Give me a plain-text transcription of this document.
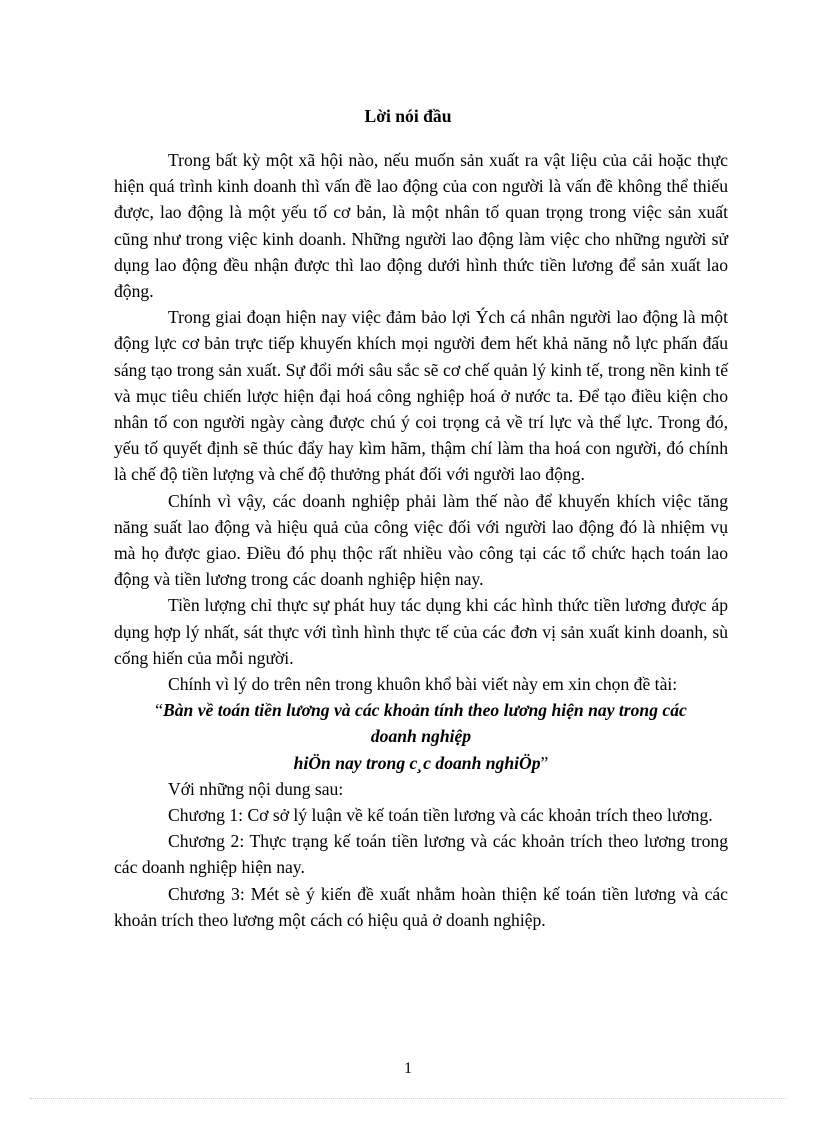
Lời nói đầu

Trong bất kỳ một xã hội nào, nếu muốn sản xuất ra vật liệu của cải hoặc thực hiện quá trình kinh doanh thì vấn đề lao động của con người là vấn đề không thể thiếu được, lao động là một yếu tố cơ bản, là một nhân tố quan trọng trong việc sản xuất cũng như trong việc kinh doanh. Những người lao động làm việc cho những người sử dụng lao động đều nhận được thì lao động dưới hình thức tiền lương để sản xuất lao động.

Trong giai đoạn hiện nay việc đảm bảo lợi Ých cá nhân người lao động là một động lực cơ bản trực tiếp khuyến khích mọi người đem hết khả năng nỗ lực phấn đấu sáng tạo trong sản xuất. Sự đổi mới sâu sắc sẽ cơ chế quản lý kinh tế, trong nền kinh tế và mục tiêu chiến lược hiện đại hoá công nghiệp hoá ở nước ta. Để tạo điều kiện cho nhân tố con người ngày càng được chú ý coi trọng cả về trí lực và thể lực. Trong đó, yếu tố quyết định sẽ thúc đẩy hay kìm hãm, thậm chí làm tha hoá con người, đó chính là chế độ tiền lượng và chế độ thưởng phát đối với người lao động.

Chính vì vậy, các doanh nghiệp phải làm thế nào để khuyến khích việc tăng năng suất lao động và hiệu quả của công việc đối với người lao động đó là nhiệm vụ mà họ được giao. Điều đó phụ thộc rất nhiều vào công tại các tổ chức hạch toán lao động và tiền lương trong các doanh nghiệp hiện nay.

Tiền lượng chỉ thực sự phát huy tác dụng khi các hình thức tiền lương được áp dụng hợp lý nhất, sát thực với tình hình thực tế của các đơn vị sản xuất kinh doanh, sù cống hiến của mỗi người.

Chính vì lý do trên nên trong khuôn khổ bài viết này em xin chọn đề tài:

“Bàn về toán tiền lương và các khoản tính theo lương hiện nay trong các
doanh nghiệp
hiÖn nay trong c¸c doanh nghiÖp”

Với những nội dung sau:

Chương 1: Cơ sở lý luận về kế toán tiền lương và các khoản trích theo lương.

Chương 2: Thực trạng kế toán tiền lương và các khoản trích theo lương trong các doanh nghiệp hiện nay.

Chương 3: Mét sè ý kiến đề xuất nhằm hoàn thiện kế toán tiền lương và các khoản trích theo lương một cách có hiệu quả ở doanh nghiệp.

1
